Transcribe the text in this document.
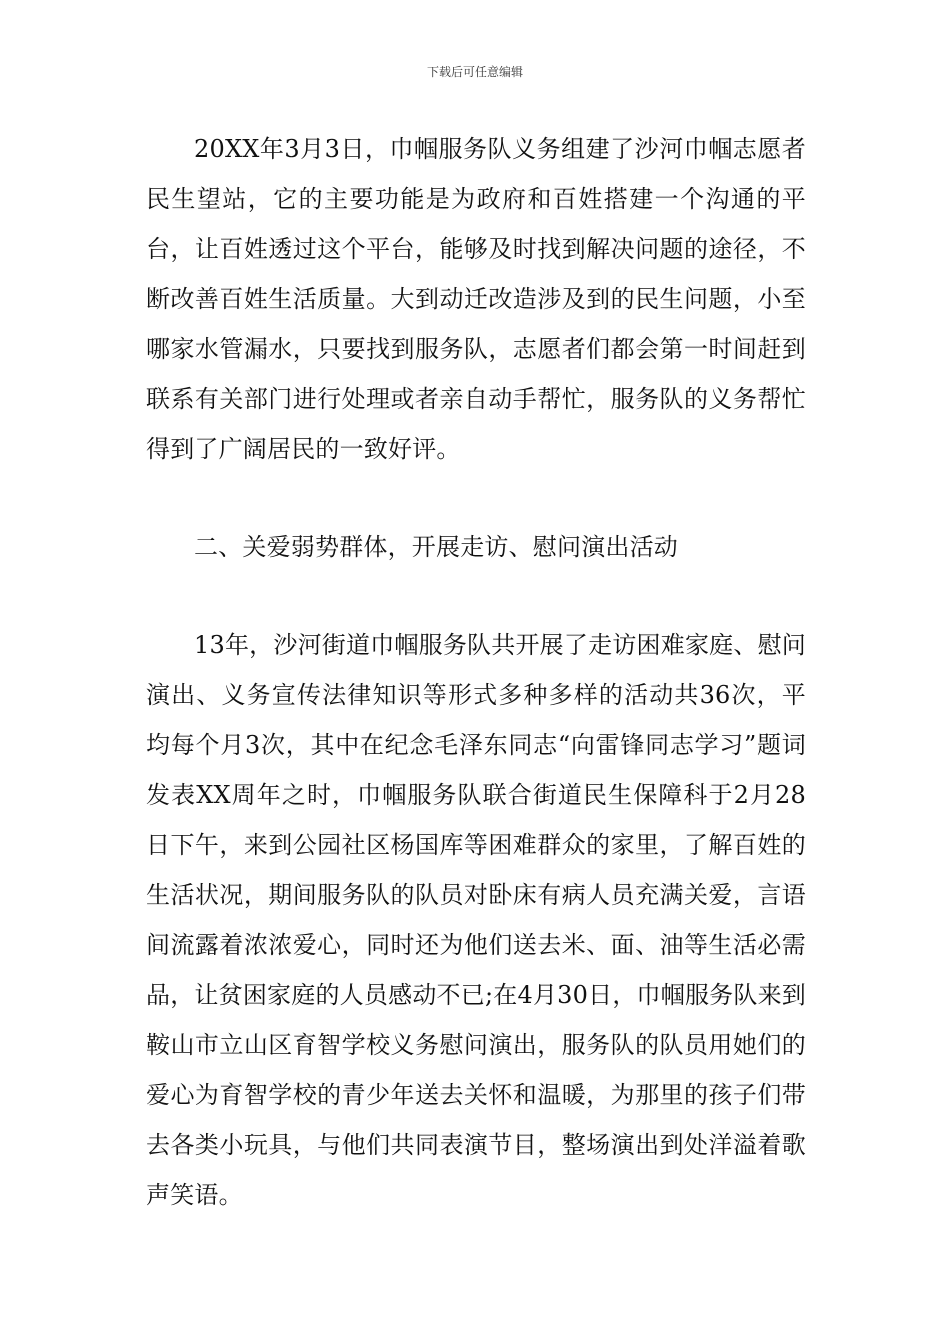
下载后可任意编辑

20XX年3月3日，巾帼服务队义务组建了沙河巾帼志愿者民生望站，它的主要功能是为政府和百姓搭建一个沟通的平台，让百姓透过这个平台，能够及时找到解决问题的途径，不断改善百姓生活质量。大到动迁改造涉及到的民生问题，小至哪家水管漏水，只要找到服务队，志愿者们都会第一时间赶到联系有关部门进行处理或者亲自动手帮忙，服务队的义务帮忙得到了广阔居民的一致好评。

二、关爱弱势群体，开展走访、慰问演出活动

13年，沙河街道巾帼服务队共开展了走访困难家庭、慰问演出、义务宣传法律知识等形式多种多样的活动共36次，平均每个月3次，其中在纪念毛泽东同志“向雷锋同志学习”题词发表XX周年之时，巾帼服务队联合街道民生保障科于2月28日下午，来到公园社区杨国库等困难群众的家里，了解百姓的生活状况，期间服务队的队员对卧床有病人员充满关爱，言语间流露着浓浓爱心，同时还为他们送去米、面、油等生活必需品，让贫困家庭的人员感动不已;在4月30日，巾帼服务队来到鞍山市立山区育智学校义务慰问演出，服务队的队员用她们的爱心为育智学校的青少年送去关怀和温暖，为那里的孩子们带去各类小玩具，与他们共同表演节目，整场演出到处洋溢着歌声笑语。
